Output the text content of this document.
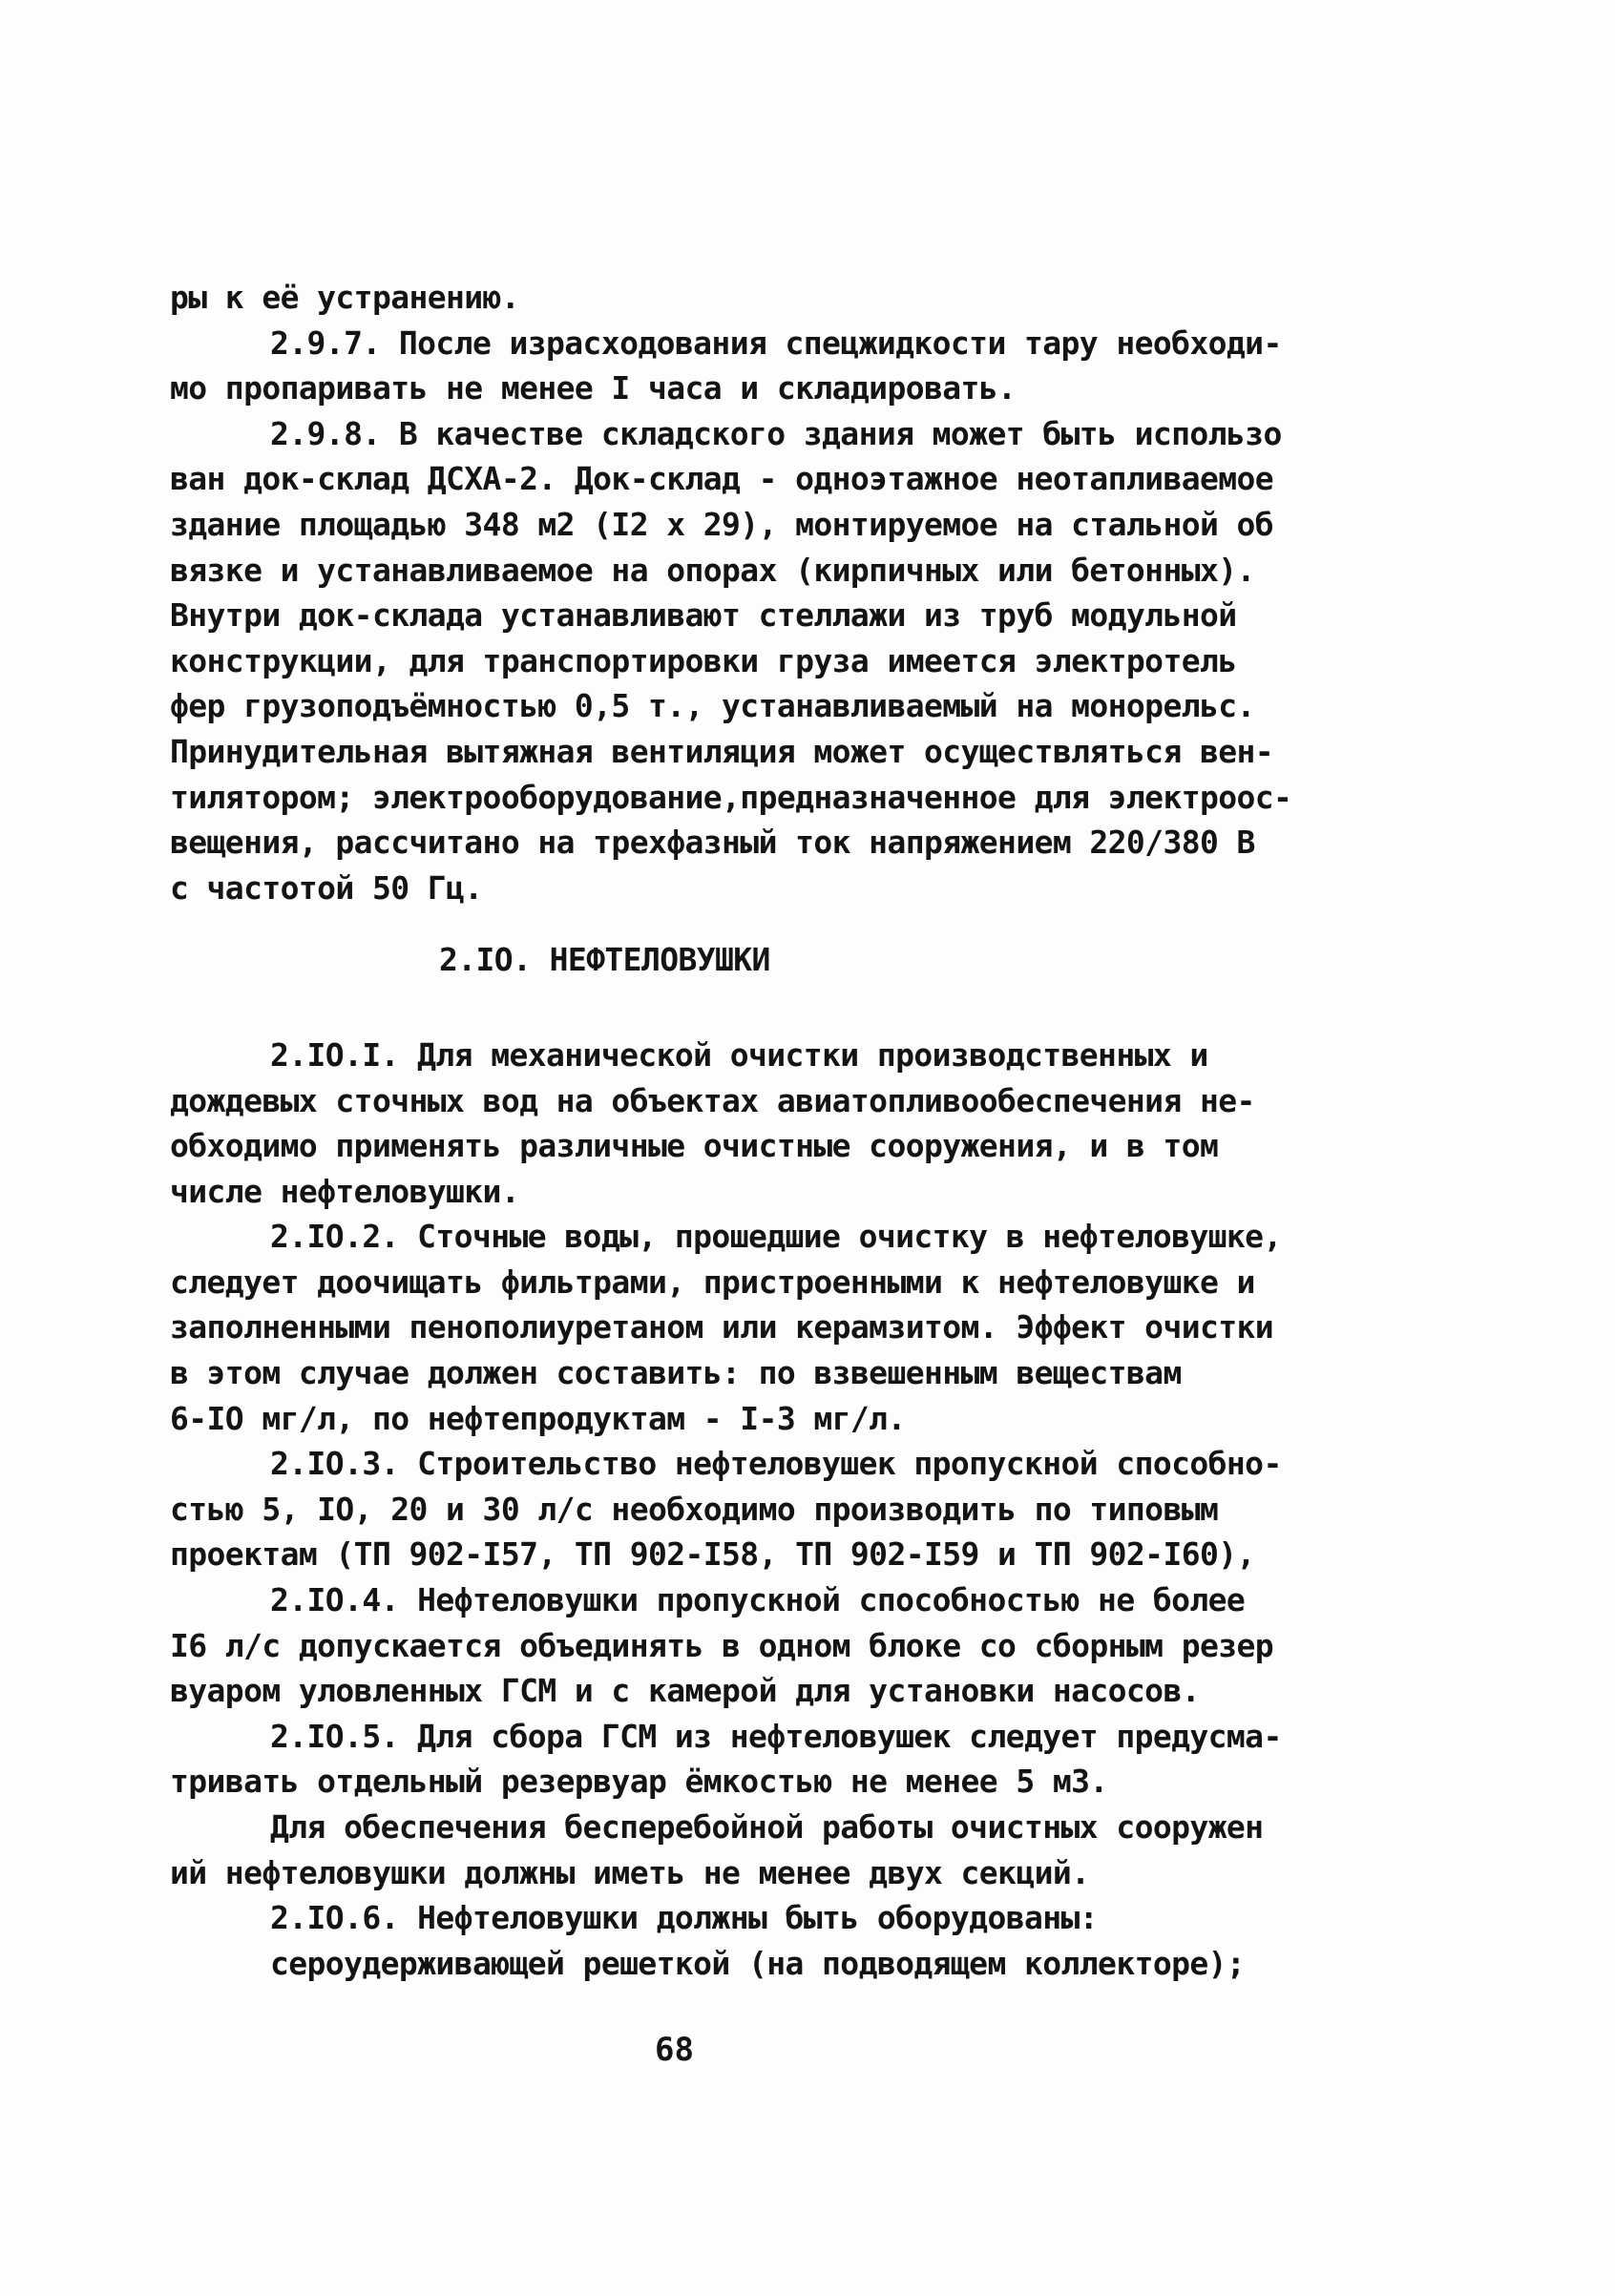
ры к её устранению.
2.9.7. После израсходования спецжидкости тару необходи-
мо пропаривать не менее I часа и складировать.
2.9.8. В качестве складского здания может быть использо
ван док-склад ДСХА-2. Док-склад - одноэтажное неотапливаемое
здание площадью 348 м2 (I2 x 29), монтируемое на стальной об
вязке и устанавливаемое на опорах (кирпичных или бетонных).
Внутри док-склада устанавливают стеллажи из труб модульной
конструкции, для транспортировки груза имеется электротель
фер грузоподъёмностью 0,5 т., устанавливаемый на монорельс.
Принудительная вытяжная вентиляция может осуществляться вен-
тилятором; электрооборудование,предназначенное для электроос-
вещения, рассчитано на трехфазный ток напряжением 220/380 В
с частотой 50 Гц.
2.IO. НЕФТЕЛОВУШКИ
2.IO.I. Для механической очистки производственных и
дождевых сточных вод на объектах авиатопливообеспечения не-
обходимо применять различные очистные сооружения, и в том
числе нефтеловушки.
2.IO.2. Сточные воды, прошедшие очистку в нефтеловушке,
следует доочищать фильтрами, пристроенными к нефтеловушке и
заполненными пенополиуретаном или керамзитом. Эффект очистки
в этом случае должен составить: по взвешенным веществам
6-IO мг/л, по нефтепродуктам - I-3 мг/л.
2.IO.3. Строительство нефтеловушек пропускной способно-
стью 5, IO, 20 и 30 л/с необходимо производить по типовым
проектам (ТП 902-I57, ТП 902-I58, ТП 902-I59 и ТП 902-I60),
2.IO.4. Нефтеловушки пропускной способностью не более
I6 л/с допускается объединять в одном блоке со сборным резер
вуаром уловленных ГСМ и с камерой для установки насосов.
2.IO.5. Для сбора ГСМ из нефтеловушек следует предусма-
тривать отдельный резервуар ёмкостью не менее 5 м3.
Для обеспечения бесперебойной работы очистных сооружен
ий нефтеловушки должны иметь не менее двух секций.
2.IO.6. Нефтеловушки должны быть оборудованы:
сероудерживающей решеткой (на подводящем коллекторе);
68
